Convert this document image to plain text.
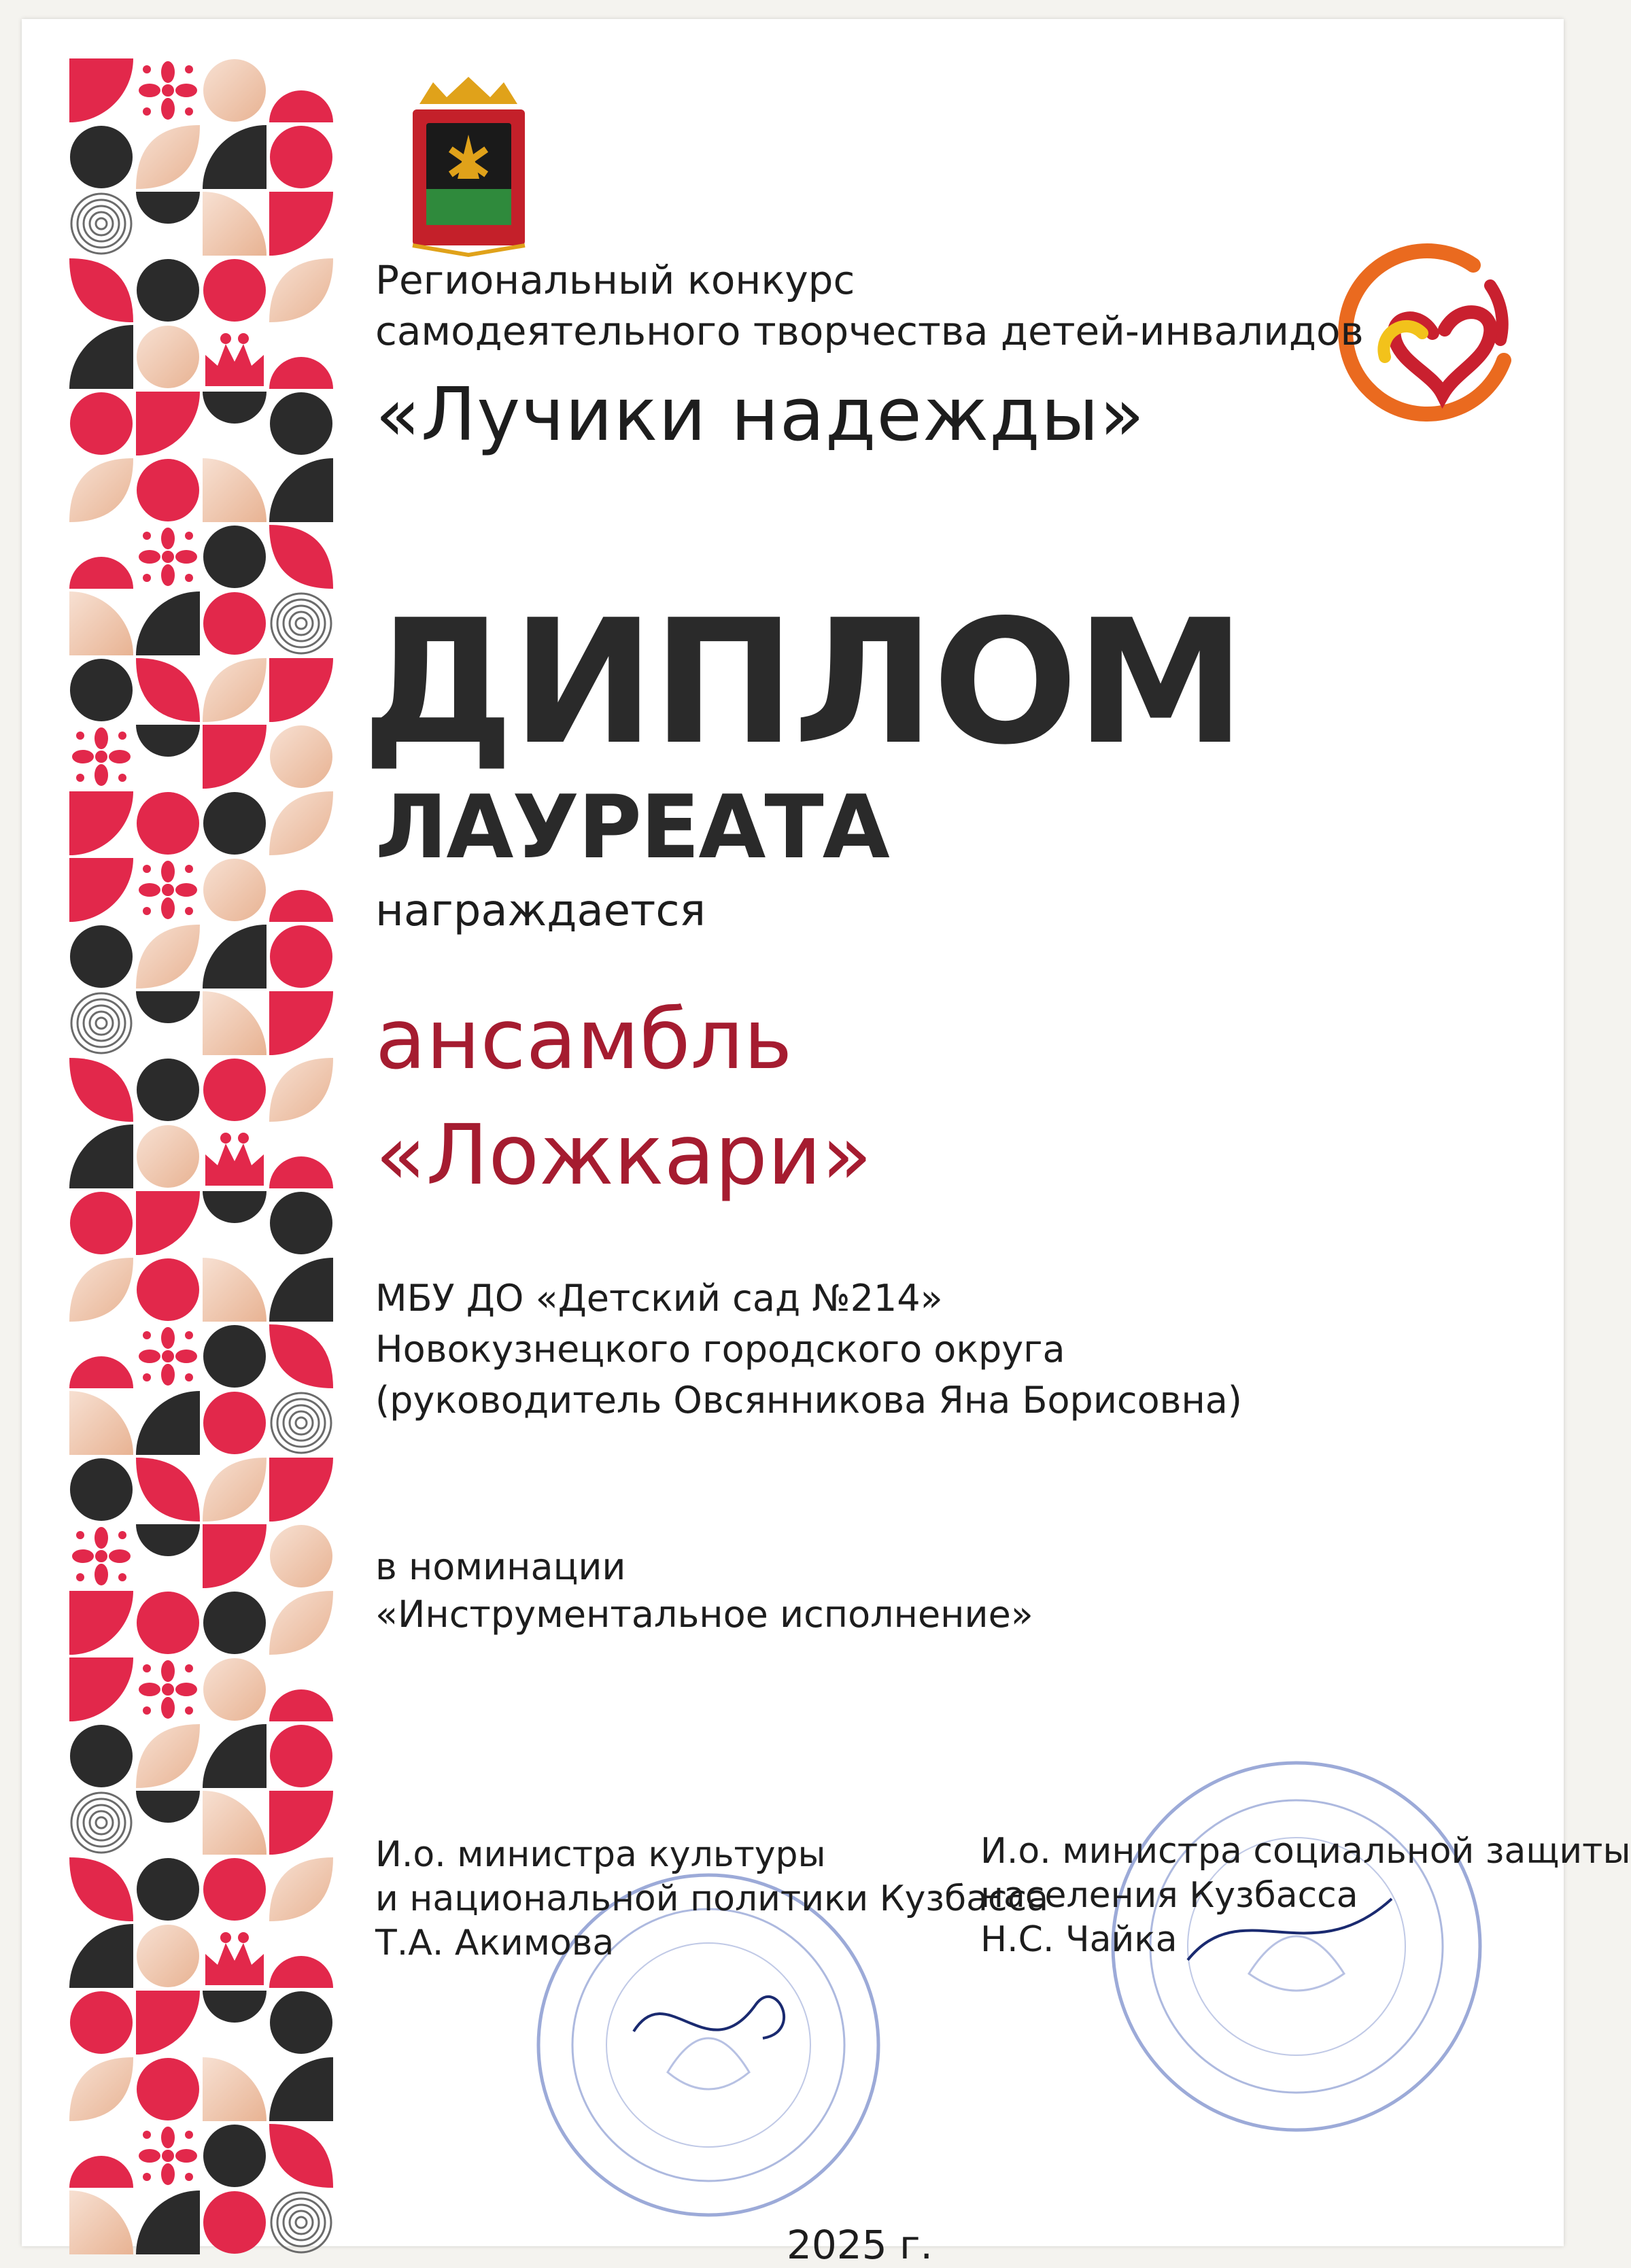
Региональный конкурс

самодеятельного творчества детей-инвалидов

«Лучики надежды»

ДИПЛОМ

ЛАУРЕАТА

награждается

ансамбль

«Ложкари»

МБУ ДО «Детский сад №214»

Новокузнецкого городского округа

(руководитель Овсянникова Яна Борисовна)

в номинации

«Инструментальное исполнение»

И.о. министра культуры

и национальной политики Кузбасса

Т.А. Акимова

И.о. министра социальной защиты

населения Кузбасса

Н.С. Чайка

2025 г.
